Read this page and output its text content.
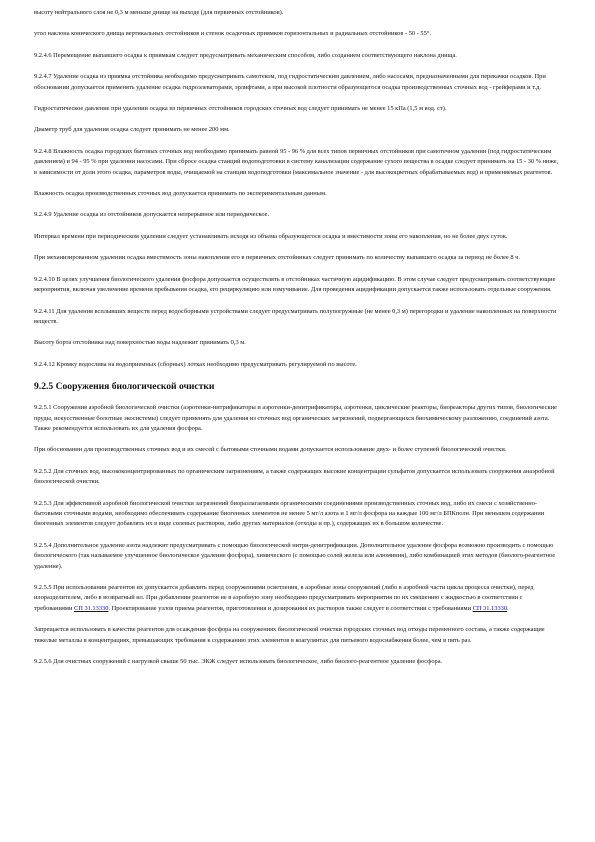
высоту нейтрального слоя не 0,3 м меньше днище на выходе (для первичных отстойников).

угол наклона конического днища вертикальных отстойников и стенок осадочных приямков горизонтальных и радиальных отстойников - 50 - 55°.

9.2.4.6 Перемещение выпавшего осадка к приямкам следует предусматривать механическим способом, либо созданием соответствующего наклона днища.

9.2.4.7 Удаление осадка из приямка отстойника необходимо предусматривать самотеком, под гидростатическим давлением, либо насосами, предназначенными для перекачки осадков. При обосновании допускается применять удаление осадка гидроэлеваторами, эрлифтами, а при высокой плотности образующегося осадка производственных сточных вод - грейферами и т.д.

Гидростатическое давление при удалении осадка из первичных отстойников городских сточных вод следует принимать не менее 15 кПа (1,5 м вод. ст).

Диаметр труб для удаления осадка следует принимать не менее 200 мм.

9.2.4.8 Влажность осадка городских бытовых сточных вод необходимо принимать равной 95 - 96 % для всех типов первичных отстойников при самотечном удалении (под гидростатическим давлением) и 94 - 95 % при удалении насосами. При сбросе осадка станций водоподготовки в систему канализации содержание сухого вещества в осадке следует принимать на 15 - 30 % ниже, в зависимости от доли этого осадка, параметров воды, очищаемой на станции водоподготовки (максимальное значение - для высокоцветных обрабатываемых вод) и применяемых реагентов.

Влажность осадка производственных сточных вод допускается принимать по экспериментальным данным.

9.2.4.9 Удаление осадка из отстойников допускается непрерывное или периодическое.

Интервал времени при периодическом удалении следует устанавливать исходя из объема образующегося осадка и вместимости зоны его накопления, но не более двух суток.

При механизированном удалении осадка вместимость зоны накопления его в первичных отстойниках следует принимать по количеству выпавшего осадка за период не более 8 ч.

9.2.4.10 В целях улучшения биологического удаления фосфора допускается осуществлять в отстойниках частичную ацидификацию. В этом случае следует предусматривать соответствующие мероприятия, включая увеличение времени пребывания осадка, его рециркуляцию или взмучивание. Для проведения ацидификации допускается также использовать отдельные сооружения.

9.2.4.11 Для удаления всплывших веществ перед водосборными устройствами следует предусматривать полупогружные (не менее 0,3 м) перегородки и удаление накопленных на поверхности веществ.

Высоту борта отстойника над поверхностью воды надлежит принимать 0,3 м.

9.2.4.12 Кромку водослива на водоприемных (сборных) лотках необходимо предусматривать регулируемой по высоте.

9.2.5 Сооружения биологической очистки

9.2.5.1 Сооружения аэробной биологической очистки (аэротенки-нитрификаторы и аэротенки-денитрификаторы, аэротенки, циклические реакторы, биореакторы других типов, биологические пруды, искусственные болотные экосистемы) следует применять для удаления из сточных вод органических загрязнений, подвергающихся биохимическому разложению, соединений азота. Также рекомендуется использовать их для удаления фосфора.

При обосновании для производственных сточных вод и их смесей с бытовыми сточными водами допускается использование двух- и более ступеней биологической очистки.

9.2.5.2 Для сточных вод, высококонцентрированных по органическим загрязнениям, а также содержащих высокие концентрации сульфатов допускается использовать сооружения анаэробной биологической очистки.

9.2.5.3 Для эффективной аэробной биологической очистки загрязнений биоразлагаемыми органическими соединениями производственных сточных вод, либо их смеси с хозяйственно-бытовыми сточными водами, необходимо обеспечивать содержание биогенных элементов не менее 5 мг/л азота и 1 мг/л фосфора на каждые 100 мг/л БПКполн. При меньшем содержании биогенных элементов следует добавлять их в виде солевых растворов, либо других материалов (отходы и пр.), содержащих их в большом количестве.

9.2.5.4 Дополнительное удаление азота надлежит предусматривать с помощью биологической нитри-денитрификации. Дополнительное удаление фосфора возможно производить с помощью биологического (так называемое улучшенное биологическое удаление фосфора), химического (с помощью солей железа или алюминия), либо комбинацией этих методов (биолого-реагентное удаление).

9.2.5.5 При использовании реагентов их допускается добавлять перед сооружениями осветления, в аэробные зоны сооружений (либо в аэробной части цикла процесса очистки), перед илоразделителем, либо в возвратный ил. При добавлении реагентов не в аэробную зону необходимо предусматривать мероприятия по их смешению с жидкостью в соответствии с требованиями СП 31.13330. Проектирование узлов приема реагентов, приготовления и дозирования их растворов также следует в соответствии с требованиями СП 31.13330.

Запрещается использовать в качестве реагентов для осаждения фосфора на сооружениях биологической очистки городских сточных вод отходы переменного состава, а также содержащие тяжелые металлы в концентрациях, превышающих требования к содержанию этих элементов в коагулянтах для питьевого водоснабжения более, чем в пять раз.

9.2.5.6 Для очистных сооружений с нагрузкой свыше 50 тыс. ЭКЖ следует использовать биологическое, либо биолого-реагентное удаление фосфора.
